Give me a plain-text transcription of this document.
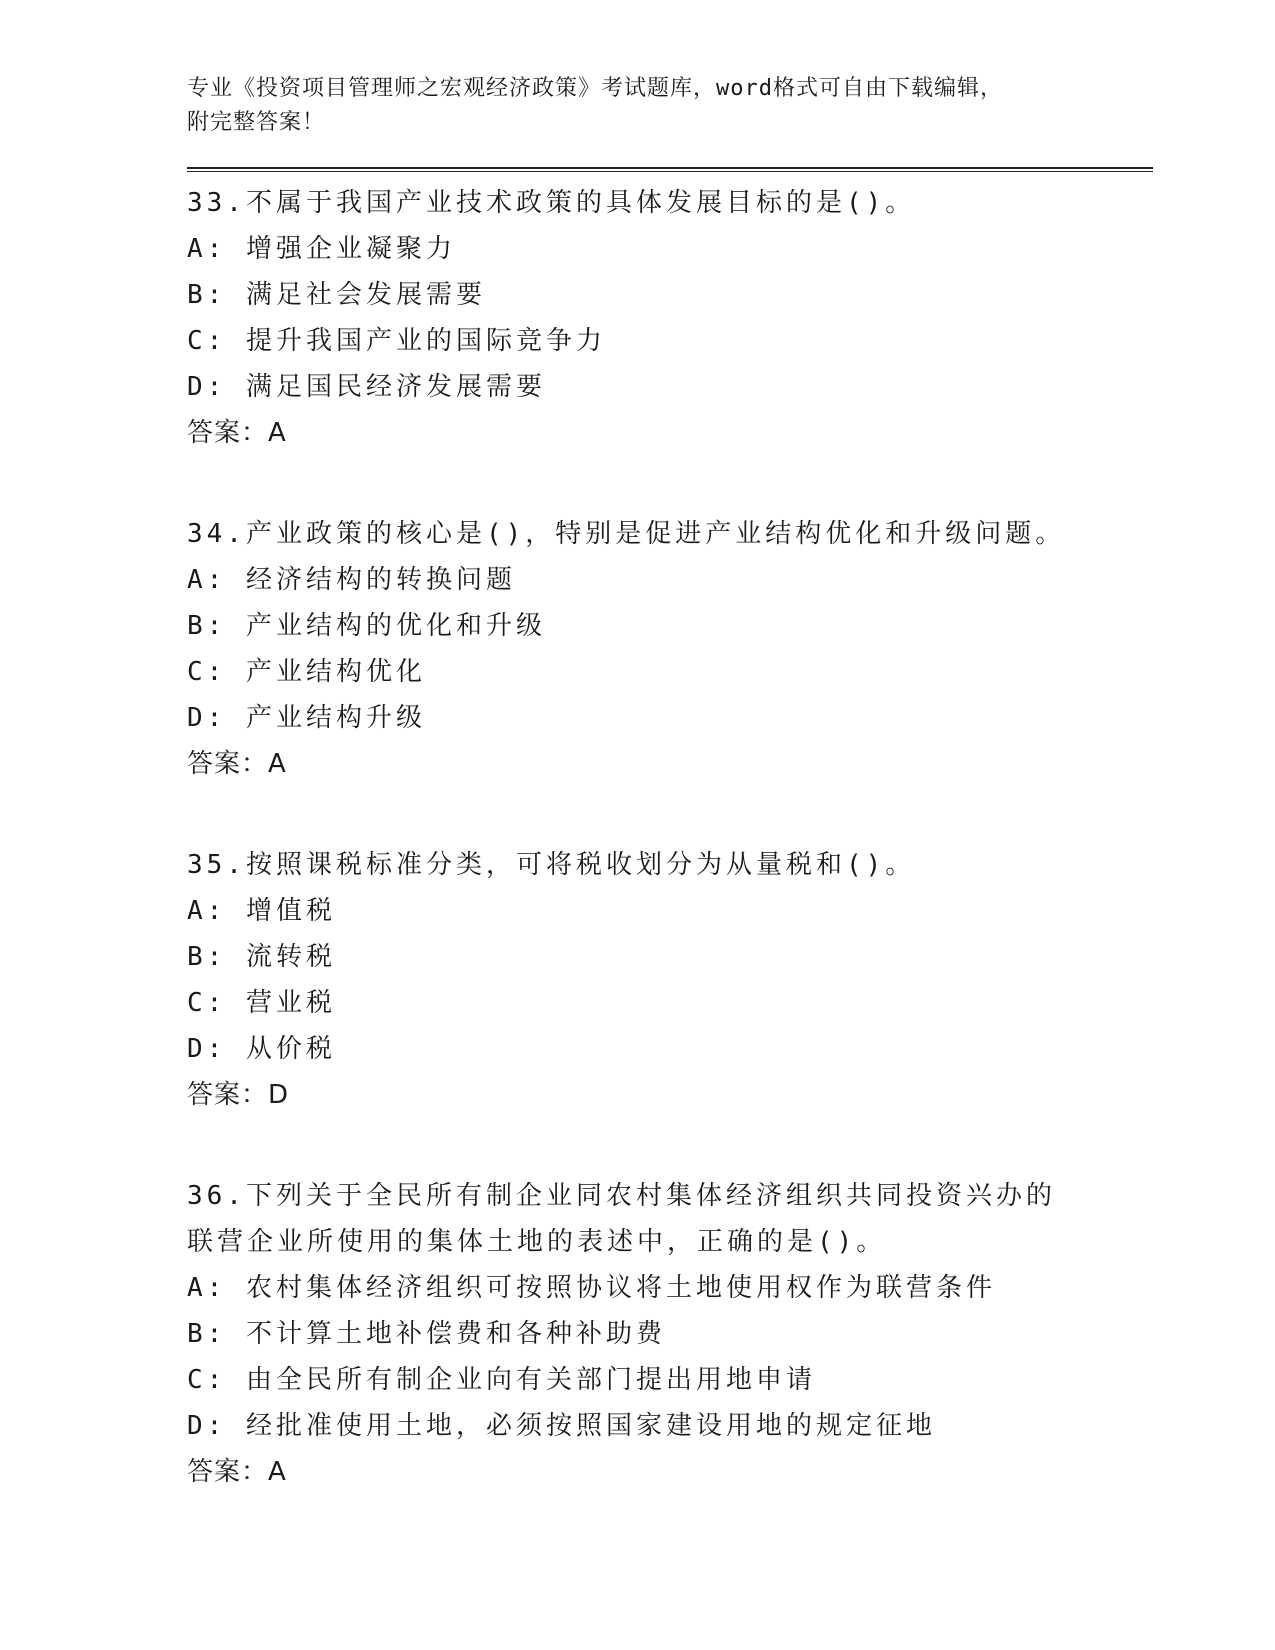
专业《投资项目管理师之宏观经济政策》考试题库，word格式可自由下载编辑，
附完整答案！
33.不属于我国产业技术政策的具体发展目标的是()。
A: 增强企业凝聚力
B: 满足社会发展需要
C: 提升我国产业的国际竞争力
D: 满足国民经济发展需要
答案：A
34.产业政策的核心是()，特别是促进产业结构优化和升级问题。
A: 经济结构的转换问题
B: 产业结构的优化和升级
C: 产业结构优化
D: 产业结构升级
答案：A
35.按照课税标准分类，可将税收划分为从量税和()。
A: 增值税
B: 流转税
C: 营业税
D: 从价税
答案：D
36.下列关于全民所有制企业同农村集体经济组织共同投资兴办的联营企业所使用的集体土地的表述中，正确的是()。
A: 农村集体经济组织可按照协议将土地使用权作为联营条件
B: 不计算土地补偿费和各种补助费
C: 由全民所有制企业向有关部门提出用地申请
D: 经批准使用土地，必须按照国家建设用地的规定征地
答案：A
